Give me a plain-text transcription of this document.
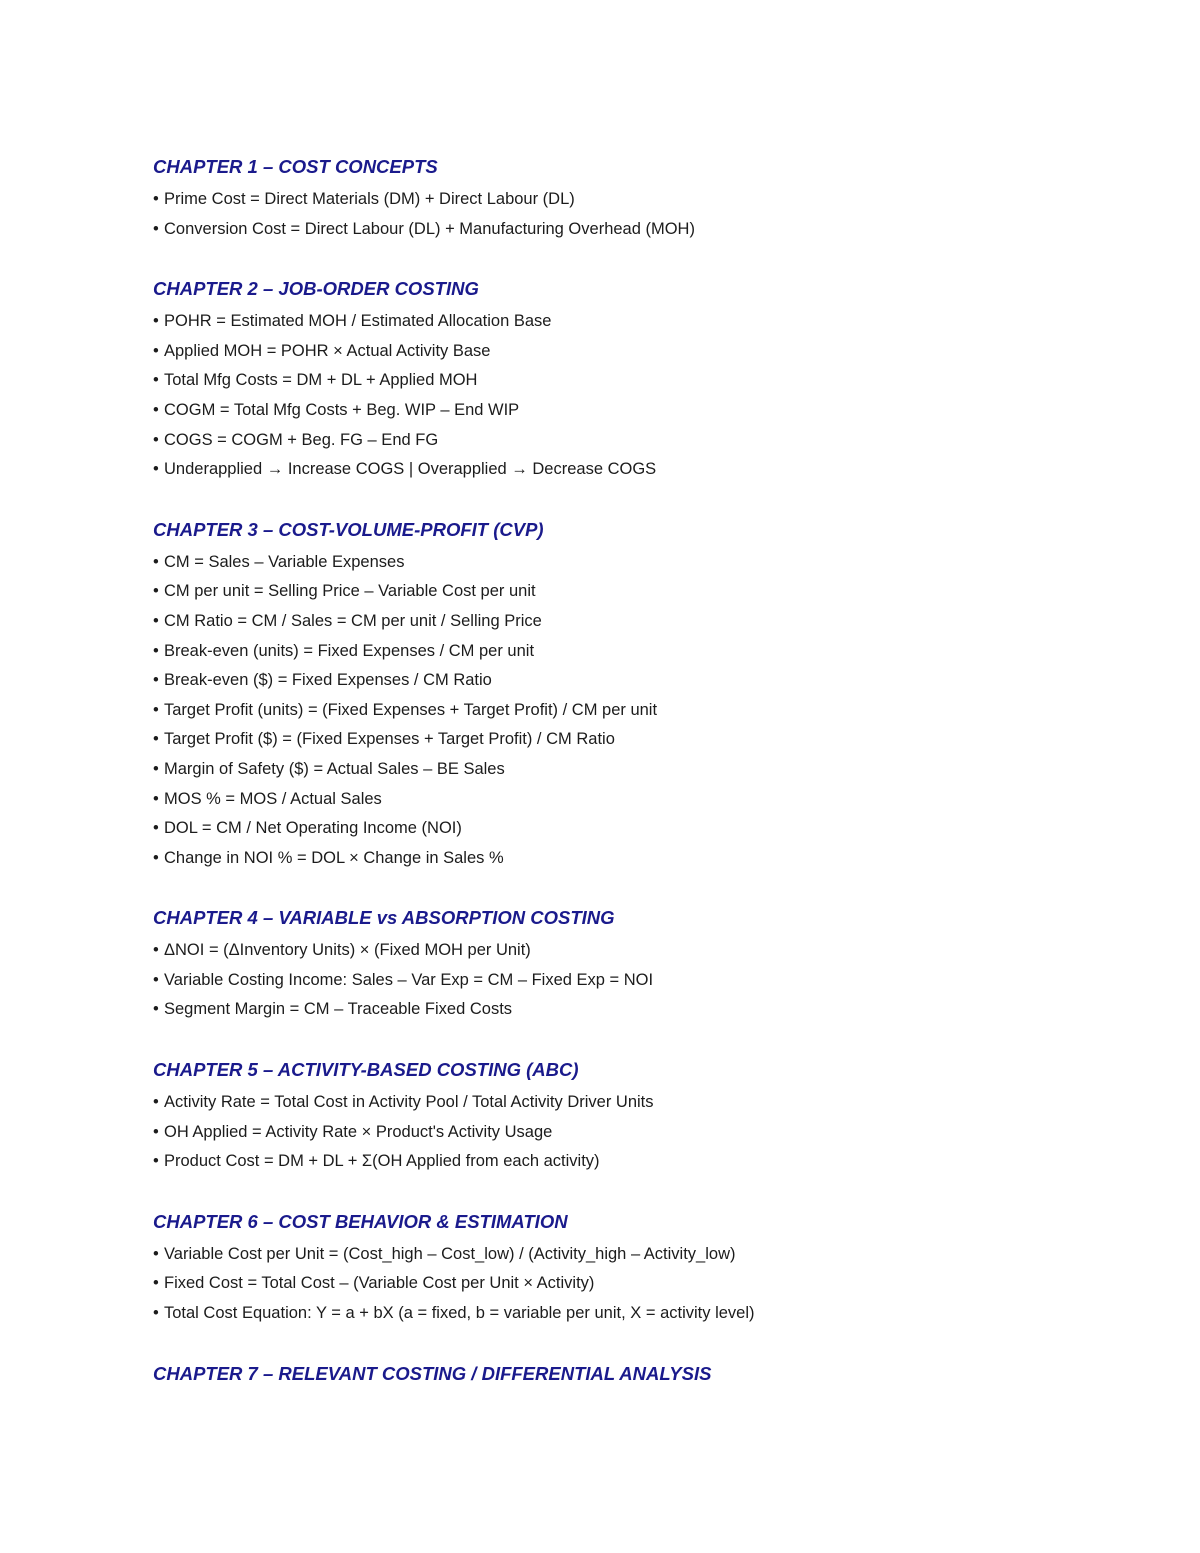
CHAPTER 1 – COST CONCEPTS
• Prime Cost = Direct Materials (DM) + Direct Labour (DL)
• Conversion Cost = Direct Labour (DL) + Manufacturing Overhead (MOH)
CHAPTER 2 – JOB-ORDER COSTING
• POHR = Estimated MOH / Estimated Allocation Base
• Applied MOH = POHR × Actual Activity Base
• Total Mfg Costs = DM + DL + Applied MOH
• COGM = Total Mfg Costs + Beg. WIP – End WIP
• COGS = COGM + Beg. FG – End FG
• Underapplied → Increase COGS | Overapplied → Decrease COGS
CHAPTER 3 – COST-VOLUME-PROFIT (CVP)
• CM = Sales – Variable Expenses
• CM per unit = Selling Price – Variable Cost per unit
• CM Ratio = CM / Sales = CM per unit / Selling Price
• Break-even (units) = Fixed Expenses / CM per unit
• Break-even ($) = Fixed Expenses / CM Ratio
• Target Profit (units) = (Fixed Expenses + Target Profit) / CM per unit
• Target Profit ($) = (Fixed Expenses + Target Profit) / CM Ratio
• Margin of Safety ($) = Actual Sales – BE Sales
• MOS % = MOS / Actual Sales
• DOL = CM / Net Operating Income (NOI)
• Change in NOI % = DOL × Change in Sales %
CHAPTER 4 – VARIABLE vs ABSORPTION COSTING
• ΔNOI = (ΔInventory Units) × (Fixed MOH per Unit)
• Variable Costing Income: Sales – Var Exp = CM – Fixed Exp = NOI
• Segment Margin = CM – Traceable Fixed Costs
CHAPTER 5 – ACTIVITY-BASED COSTING (ABC)
• Activity Rate = Total Cost in Activity Pool / Total Activity Driver Units
• OH Applied = Activity Rate × Product's Activity Usage
• Product Cost = DM + DL + Σ(OH Applied from each activity)
CHAPTER 6 – COST BEHAVIOR & ESTIMATION
• Variable Cost per Unit = (Cost_high – Cost_low) / (Activity_high – Activity_low)
• Fixed Cost = Total Cost – (Variable Cost per Unit × Activity)
• Total Cost Equation: Y = a + bX (a = fixed, b = variable per unit, X = activity level)
CHAPTER 7 – RELEVANT COSTING / DIFFERENTIAL ANALYSIS
